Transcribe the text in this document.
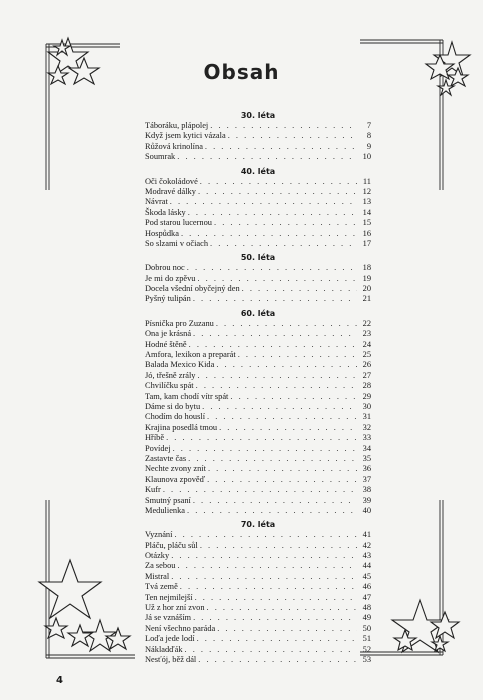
Obsah
30. léta
Táboráku, plápolej . . .	7
Když jsem kytici vázala . . .	8
Růžová krinolína . . .	9
Soumrak . . .	10
40. léta
Oči čokoládové . . .	11
Modravé dálky . . .	12
Návrat . . .	13
Škoda lásky . . .	14
Pod starou lucernou . . .	15
Hospůdka . . .	16
So slzami v očiach . . .	17
50. léta
Dobrou noc . . .	18
Je mi do zpěvu . . .	19
Docela všední obyčejný den . . .	20
Pyšný tulipán . . .	21
60. léta
Písnička pro Zuzanu . . .	22
Ona je krásná . . .	23
Hodné štěně . . .	24
Amfora, lexikon a preparát . . .	25
Balada Mexico Kida . . .	26
Jó, třešně zrály . . .	27
Chvilíčku spát . . .	28
Tam, kam chodí vítr spát . . .	29
Dáme si do bytu . . .	30
Chodím do houslí . . .	31
Krajina posedlá tmou . . .	32
Hříbě . . .	33
Povídej . . .	34
Zastavte čas . . .	35
Nechte zvony znít . . .	36
Klaunova zpověď . . .	37
Kufr . . .	38
Smutný psaní . . .	39
Medulienka . . .	40
70. léta
Vyznání . . .	41
Pláču, pláču sůl . . .	42
Otázky . . .	43
Za sebou . . .	44
Mistral . . .	45
Tvá země . . .	46
Ten nejmilejší . . .	47
Už z hor zní zvon . . .	48
Já se vznáším . . .	49
Není všechno paráda . . .	50
Loďa jede lodí . . .	51
Nákladďák . . .	52
Nesťój, běž dál . . .	53
4
